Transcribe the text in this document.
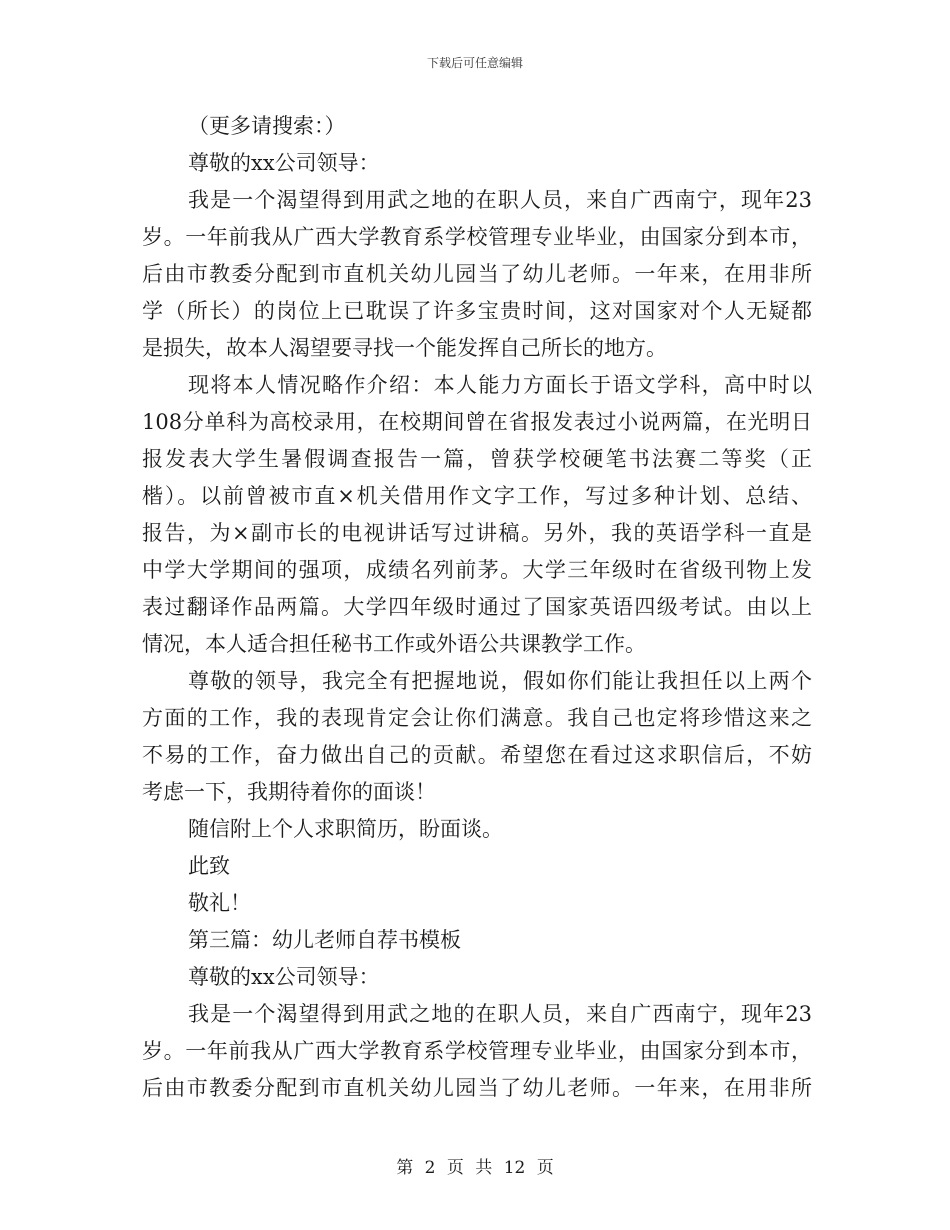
下载后可任意编辑
（更多请搜索：）
尊敬的xx公司领导：
我是一个渴望得到用武之地的在职人员，来自广西南宁，现年23
岁。一年前我从广西大学教育系学校管理专业毕业，由国家分到本市，
后由市教委分配到市直机关幼儿园当了幼儿老师。一年来，在用非所
学（所长）的岗位上已耽误了许多宝贵时间，这对国家对个人无疑都
是损失，故本人渴望要寻找一个能发挥自己所长的地方。
现将本人情况略作介绍：本人能力方面长于语文学科，高中时以
108分单科为高校录用，在校期间曾在省报发表过小说两篇，在光明日
报发表大学生暑假调查报告一篇，曾获学校硬笔书法赛二等奖（正
楷）。以前曾被市直×机关借用作文字工作，写过多种计划、总结、
报告，为×副市长的电视讲话写过讲稿。另外，我的英语学科一直是
中学大学期间的强项，成绩名列前茅。大学三年级时在省级刊物上发
表过翻译作品两篇。大学四年级时通过了国家英语四级考试。由以上
情况，本人适合担任秘书工作或外语公共课教学工作。
尊敬的领导，我完全有把握地说，假如你们能让我担任以上两个
方面的工作，我的表现肯定会让你们满意。我自己也定将珍惜这来之
不易的工作，奋力做出自己的贡献。希望您在看过这求职信后，不妨
考虑一下，我期待着你的面谈！
随信附上个人求职简历，盼面谈。
此致
敬礼！
第三篇：幼儿老师自荐书模板
尊敬的xx公司领导：
我是一个渴望得到用武之地的在职人员，来自广西南宁，现年23
岁。一年前我从广西大学教育系学校管理专业毕业，由国家分到本市，
后由市教委分配到市直机关幼儿园当了幼儿老师。一年来，在用非所
第 2 页 共 12 页
